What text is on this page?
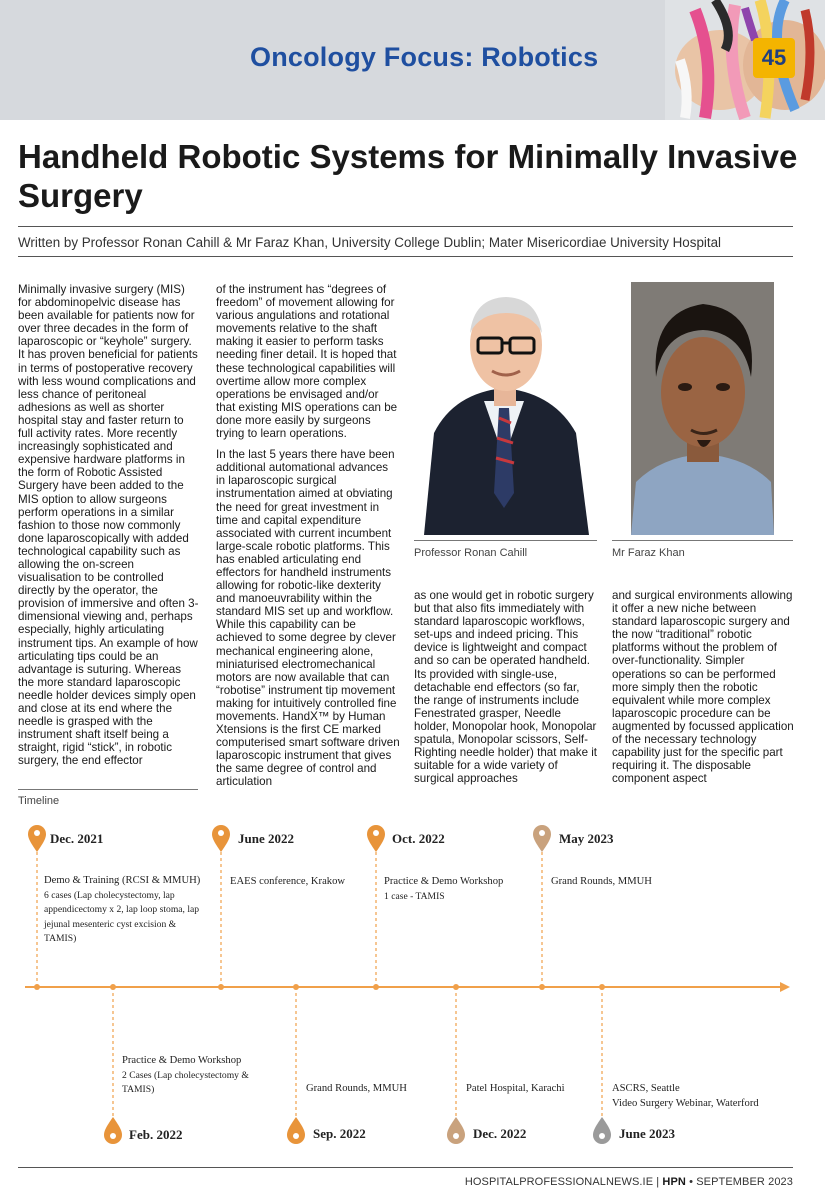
Oncology Focus: Robotics	45
Handheld Robotic Systems for Minimally Invasive Surgery
Written by Professor Ronan Cahill & Mr Faraz Khan, University College Dublin; Mater Misericordiae University Hospital

Minimally invasive surgery (MIS) for abdominopelvic disease has been available for patients now for over three decades in the form of laparoscopic or “keyhole” surgery. It has proven beneficial for patients in terms of postoperative recovery with less wound complications and less chance of peritoneal adhesions as well as shorter hospital stay and faster return to full activity rates. More recently increasingly sophisticated and expensive hardware platforms in the form of Robotic Assisted Surgery have been added to the MIS option to allow surgeons perform operations in a similar fashion to those now commonly done laparoscopically with added technological capability such as allowing the on-screen visualisation to be controlled directly by the operator, the provision of immersive and often 3-dimensional viewing and, perhaps especially, highly articulating instrument tips. An example of how articulating tips could be an advantage is suturing. Whereas the more standard laparoscopic needle holder devices simply open and close at its end where the needle is grasped with the instrument shaft itself being a straight, rigid “stick”, in robotic surgery, the end effector

of the instrument has “degrees of freedom” of movement allowing for various angulations and rotational movements relative to the shaft making it easier to perform tasks needing finer detail. It is hoped that these technological capabilities will overtime allow more complex operations be envisaged and/or that existing MIS operations can be done more easily by surgeons trying to learn operations.

In the last 5 years there have been additional automational advances in laparoscopic surgical instrumentation aimed at obviating the need for great investment in time and capital expenditure associated with current incumbent large-scale robotic platforms. This has enabled articulating end effectors for handheld instruments allowing for robotic-like dexterity and manoeuvrability within the standard MIS set up and workflow. While this capability can be achieved to some degree by clever mechanical engineering alone, miniaturised electromechanical motors are now available that can “robotise” instrument tip movement making for intuitively controlled fine movements. HandX™ by Human Xtensions is the first CE marked computerised smart software driven laparoscopic instrument that gives the same degree of control and articulation

as one would get in robotic surgery but that also fits immediately with standard laparoscopic workflows, set-ups and indeed pricing. This device is lightweight and compact and so can be operated handheld. Its provided with single-use, detachable end effectors (so far, the range of instruments include Fenestrated grasper, Needle holder, Monopolar hook, Monopolar spatula, Monopolar scissors, Self-Righting needle holder) that make it suitable for a wide variety of surgical approaches

and surgical environments allowing it offer a new niche between standard laparoscopic surgery and the now “traditional” robotic platforms without the problem of over-functionality. Simpler operations so can be performed more simply then the robotic equivalent while more complex laparoscopic procedure can be augmented by focussed application of the necessary technology capability just for the specific part requiring it. The disposable component aspect

Professor Ronan Cahill	Mr Faraz Khan
Timeline
Dec. 2021
Demo & Training (RCSI & MMUH)
6 cases (Lap cholecystectomy, lap appendicectomy x 2, lap loop stoma, lap jejunal mesenteric cyst excision & TAMIS)
June 2022
EAES conference, Krakow
Oct. 2022
Practice & Demo Workshop
1 case - TAMIS
May 2023
Grand Rounds, MMUH
Practice & Demo Workshop
2 Cases (Lap cholecystectomy & TAMIS)
Feb. 2022
Grand Rounds, MMUH
Sep. 2022
Patel Hospital, Karachi
Dec. 2022
ASCRS, Seattle
Video Surgery Webinar, Waterford
June 2023
HOSPITALPROFESSIONALNEWS.IE | HPN • SEPTEMBER 2023
